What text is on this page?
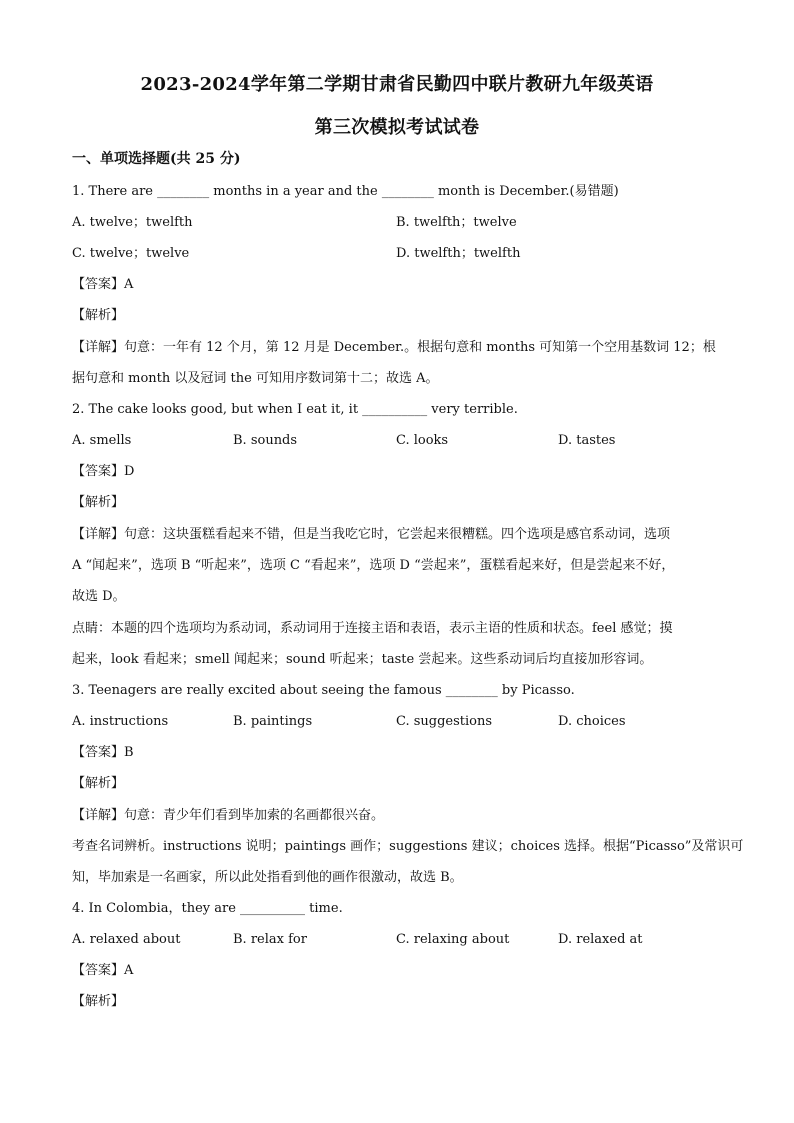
2023-2024学年第二学期甘肃省民勤四中联片教研九年级英语
第三次模拟考试试卷
一、单项选择题(共 25 分)
1. There are ________ months in a year and the ________ month is December.(易错题)
A. twelve；twelfth	B. twelfth；twelve
C. twelve；twelve	D. twelfth；twelfth
【答案】A
【解析】
【详解】句意：一年有 12 个月，第 12 月是 December.。根据句意和 months 可知第一个空用基数词 12；根
据句意和 month 以及冠词 the 可知用序数词第十二；故选 A。
2. The cake looks good, but when I eat it, it __________ very terrible.
A. smells	B. sounds	C. looks	D. tastes
【答案】D
【解析】
【详解】句意：这块蛋糕看起来不错，但是当我吃它时，它尝起来很糟糕。四个选项是感官系动词，选项
A “闻起来”，选项 B “听起来”，选项 C “看起来”，选项 D “尝起来”，蛋糕看起来好，但是尝起来不好，
故选 D。
点睛：本题的四个选项均为系动词，系动词用于连接主语和表语，表示主语的性质和状态。feel 感觉；摸
起来，look 看起来；smell 闻起来；sound 听起来；taste 尝起来。这些系动词后均直接加形容词。
3. Teenagers are really excited about seeing the famous ________ by Picasso.
A. instructions	B. paintings	C. suggestions	D. choices
【答案】B
【解析】
【详解】句意：青少年们看到毕加索的名画都很兴奋。
考查名词辨析。instructions 说明；paintings 画作；suggestions 建议；choices 选择。根据“Picasso”及常识可
知，毕加索是一名画家，所以此处指看到他的画作很激动，故选 B。
4. In Colombia，they are __________ time.
A. relaxed about	B. relax for	C. relaxing about	D. relaxed at
【答案】A
【解析】
